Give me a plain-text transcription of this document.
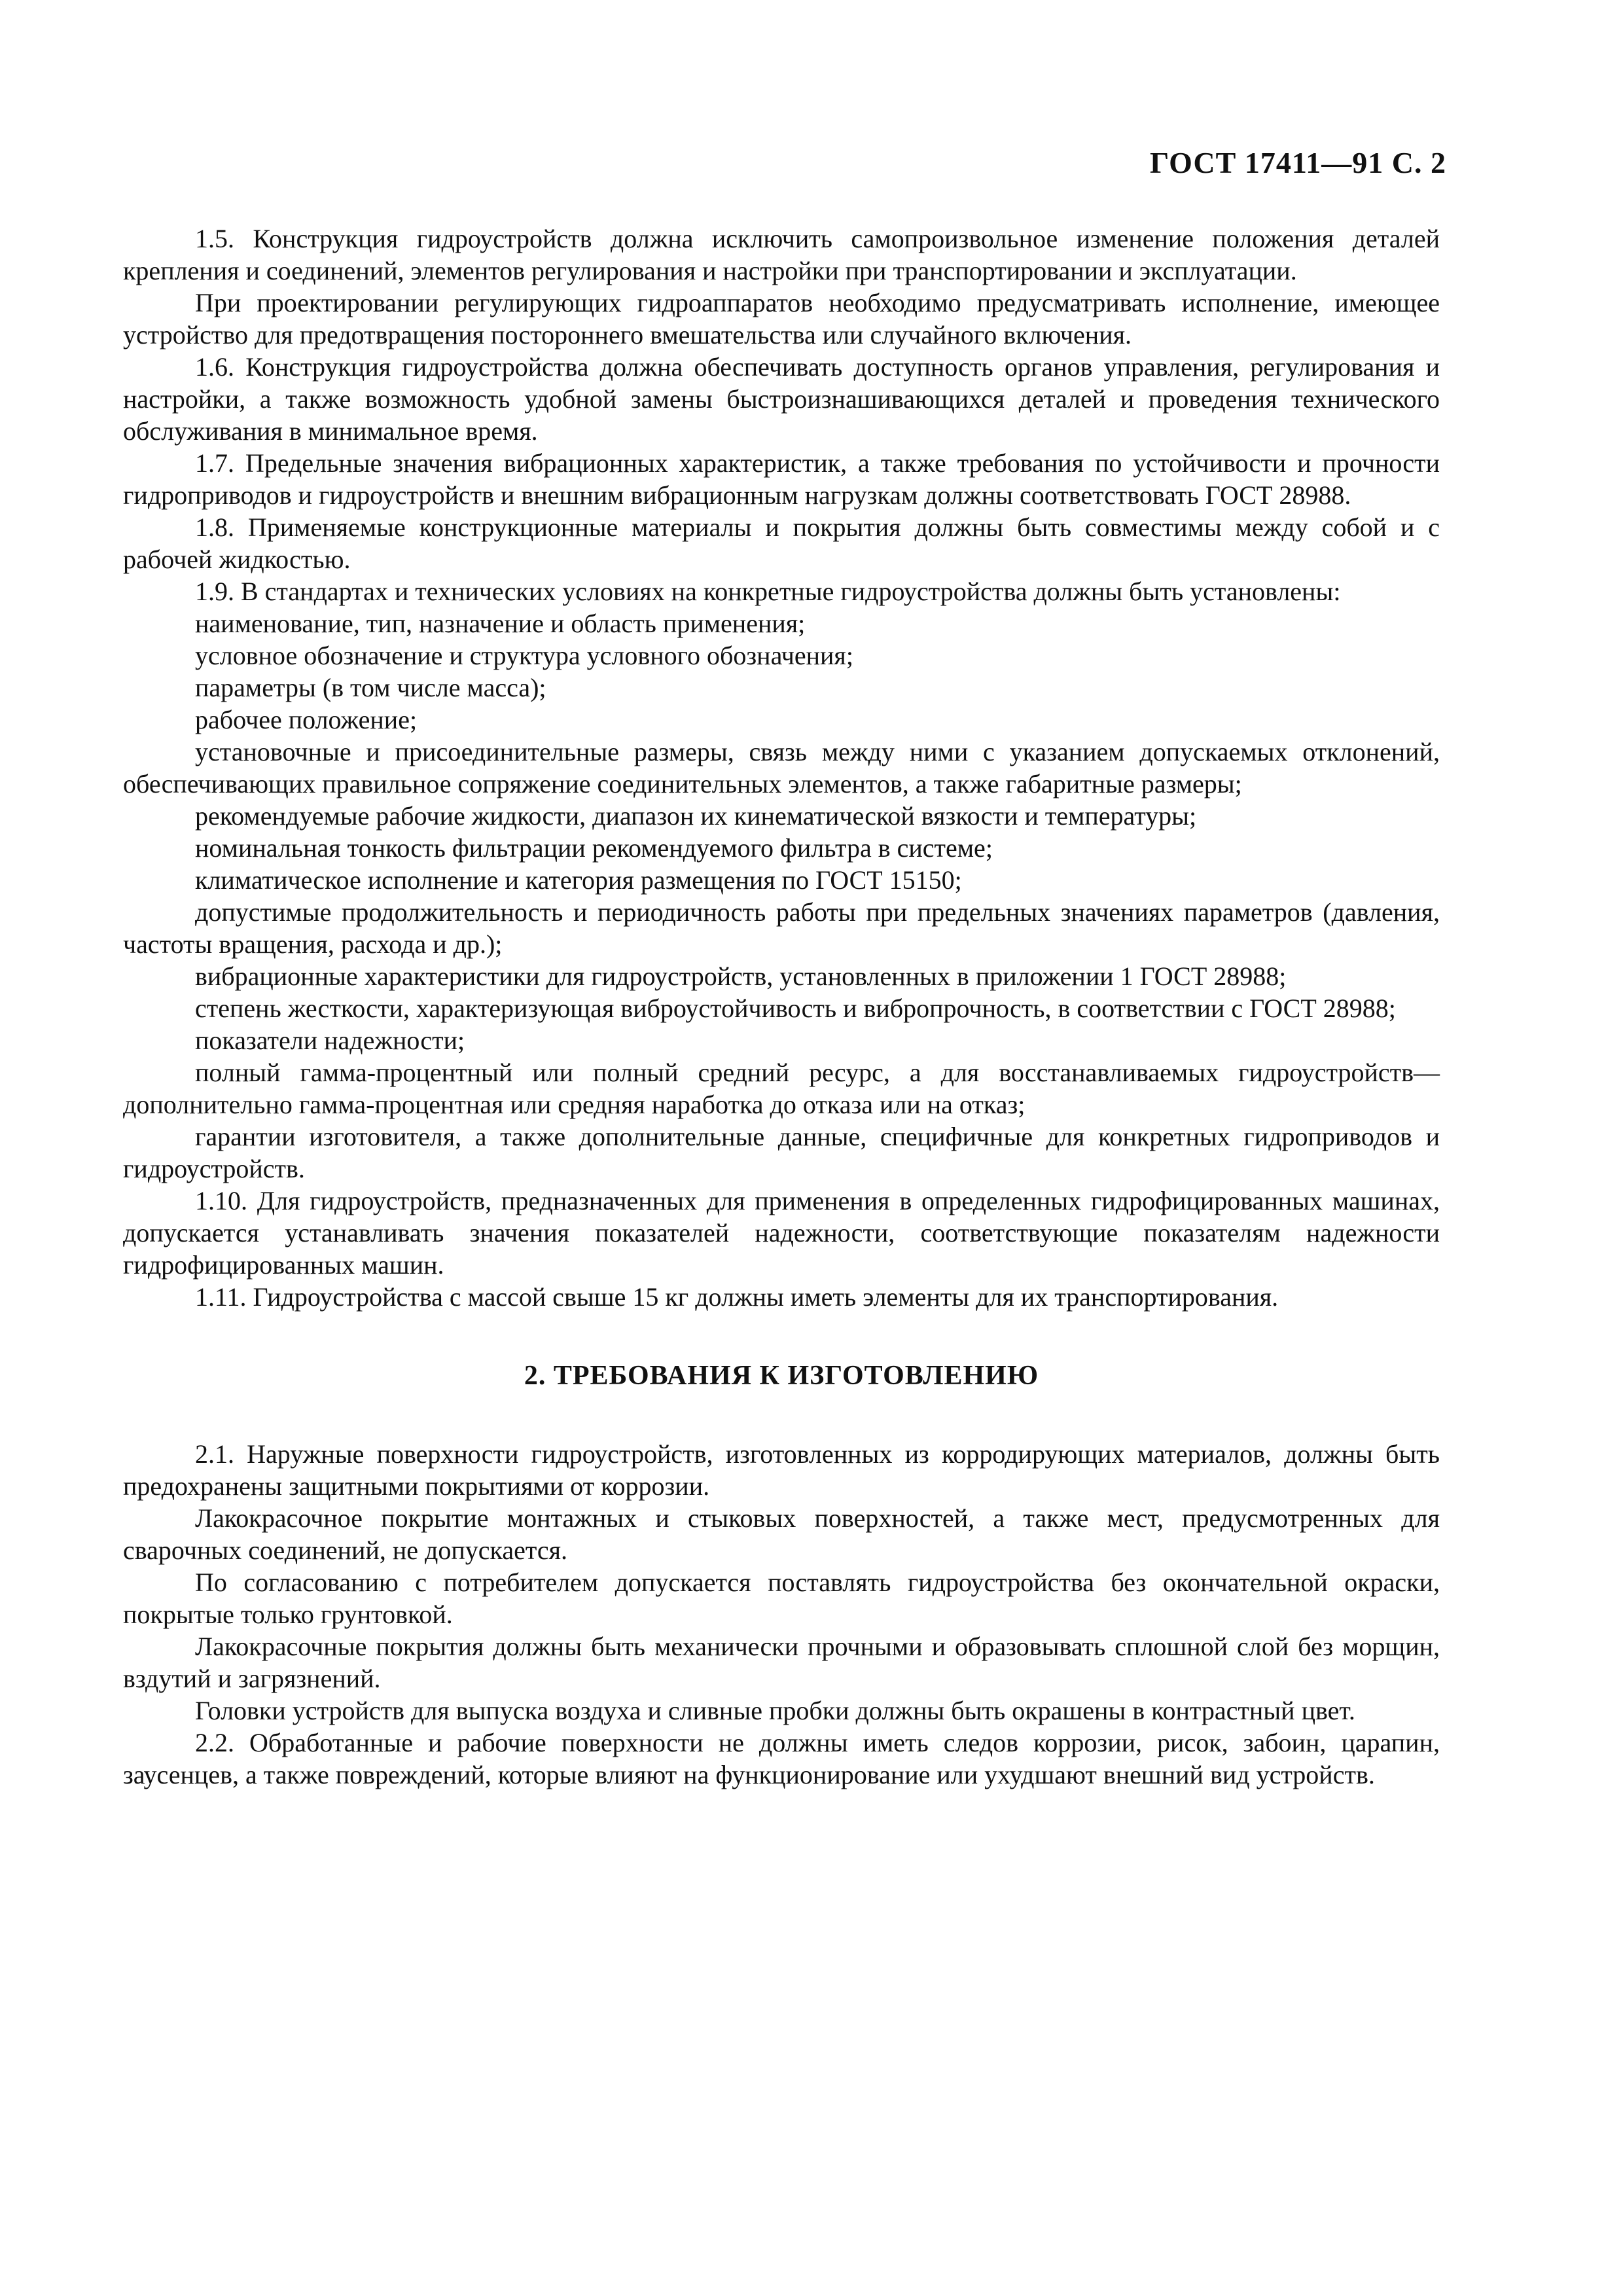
ГОСТ 17411—91 С. 2

1.5. Конструкция гидроустройств должна исключить самопроизвольное изменение положения деталей крепления и соединений, элементов регулирования и настройки при транспортировании и эксплуатации.

При проектировании регулирующих гидроаппаратов необходимо предусматривать исполнение, имеющее устройство для предотвращения постороннего вмешательства или случайного включения.

1.6. Конструкция гидроустройства должна обеспечивать доступность органов управления, регулирования и настройки, а также возможность удобной замены быстроизнашивающихся деталей и проведения технического обслуживания в минимальное время.

1.7. Предельные значения вибрационных характеристик, а также требования по устойчивости и прочности гидроприводов и гидроустройств и внешним вибрационным нагрузкам должны соответствовать ГОСТ 28988.

1.8. Применяемые конструкционные материалы и покрытия должны быть совместимы между собой и с рабочей жидкостью.

1.9. В стандартах и технических условиях на конкретные гидроустройства должны быть установлены:

наименование, тип, назначение и область применения;

условное обозначение и структура условного обозначения;

параметры (в том числе масса);

рабочее положение;

установочные и присоединительные размеры, связь между ними с указанием допускаемых отклонений, обеспечивающих правильное сопряжение соединительных элементов, а также габаритные размеры;

рекомендуемые рабочие жидкости, диапазон их кинематической вязкости и температуры;

номинальная тонкость фильтрации рекомендуемого фильтра в системе;

климатическое исполнение и категория размещения по ГОСТ 15150;

допустимые продолжительность и периодичность работы при предельных значениях параметров (давления, частоты вращения, расхода и др.);

вибрационные характеристики для гидроустройств, установленных в приложении 1 ГОСТ 28988;

степень жесткости, характеризующая виброустойчивость и вибропрочность, в соответствии с ГОСТ 28988;

показатели надежности;

полный гамма-процентный или полный средний ресурс, а для восстанавливаемых гидроустройств—дополнительно гамма-процентная или средняя наработка до отказа или на отказ;

гарантии изготовителя, а также дополнительные данные, специфичные для конкретных гидроприводов и гидроустройств.

1.10. Для гидроустройств, предназначенных для применения в определенных гидрофицированных машинах, допускается устанавливать значения показателей надежности, соответствующие показателям надежности гидрофицированных машин.

1.11. Гидроустройства с массой свыше 15 кг должны иметь элементы для их транспортирования.

2. ТРЕБОВАНИЯ К ИЗГОТОВЛЕНИЮ

2.1. Наружные поверхности гидроустройств, изготовленных из корродирующих материалов, должны быть предохранены защитными покрытиями от коррозии.

Лакокрасочное покрытие монтажных и стыковых поверхностей, а также мест, предусмотренных для сварочных соединений, не допускается.

По согласованию с потребителем допускается поставлять гидроустройства без окончательной окраски, покрытые только грунтовкой.

Лакокрасочные покрытия должны быть механически прочными и образовывать сплошной слой без морщин, вздутий и загрязнений.

Головки устройств для выпуска воздуха и сливные пробки должны быть окрашены в контрастный цвет.

2.2. Обработанные и рабочие поверхности не должны иметь следов коррозии, рисок, забоин, царапин, заусенцев, а также повреждений, которые влияют на функционирование или ухудшают внешний вид устройств.
